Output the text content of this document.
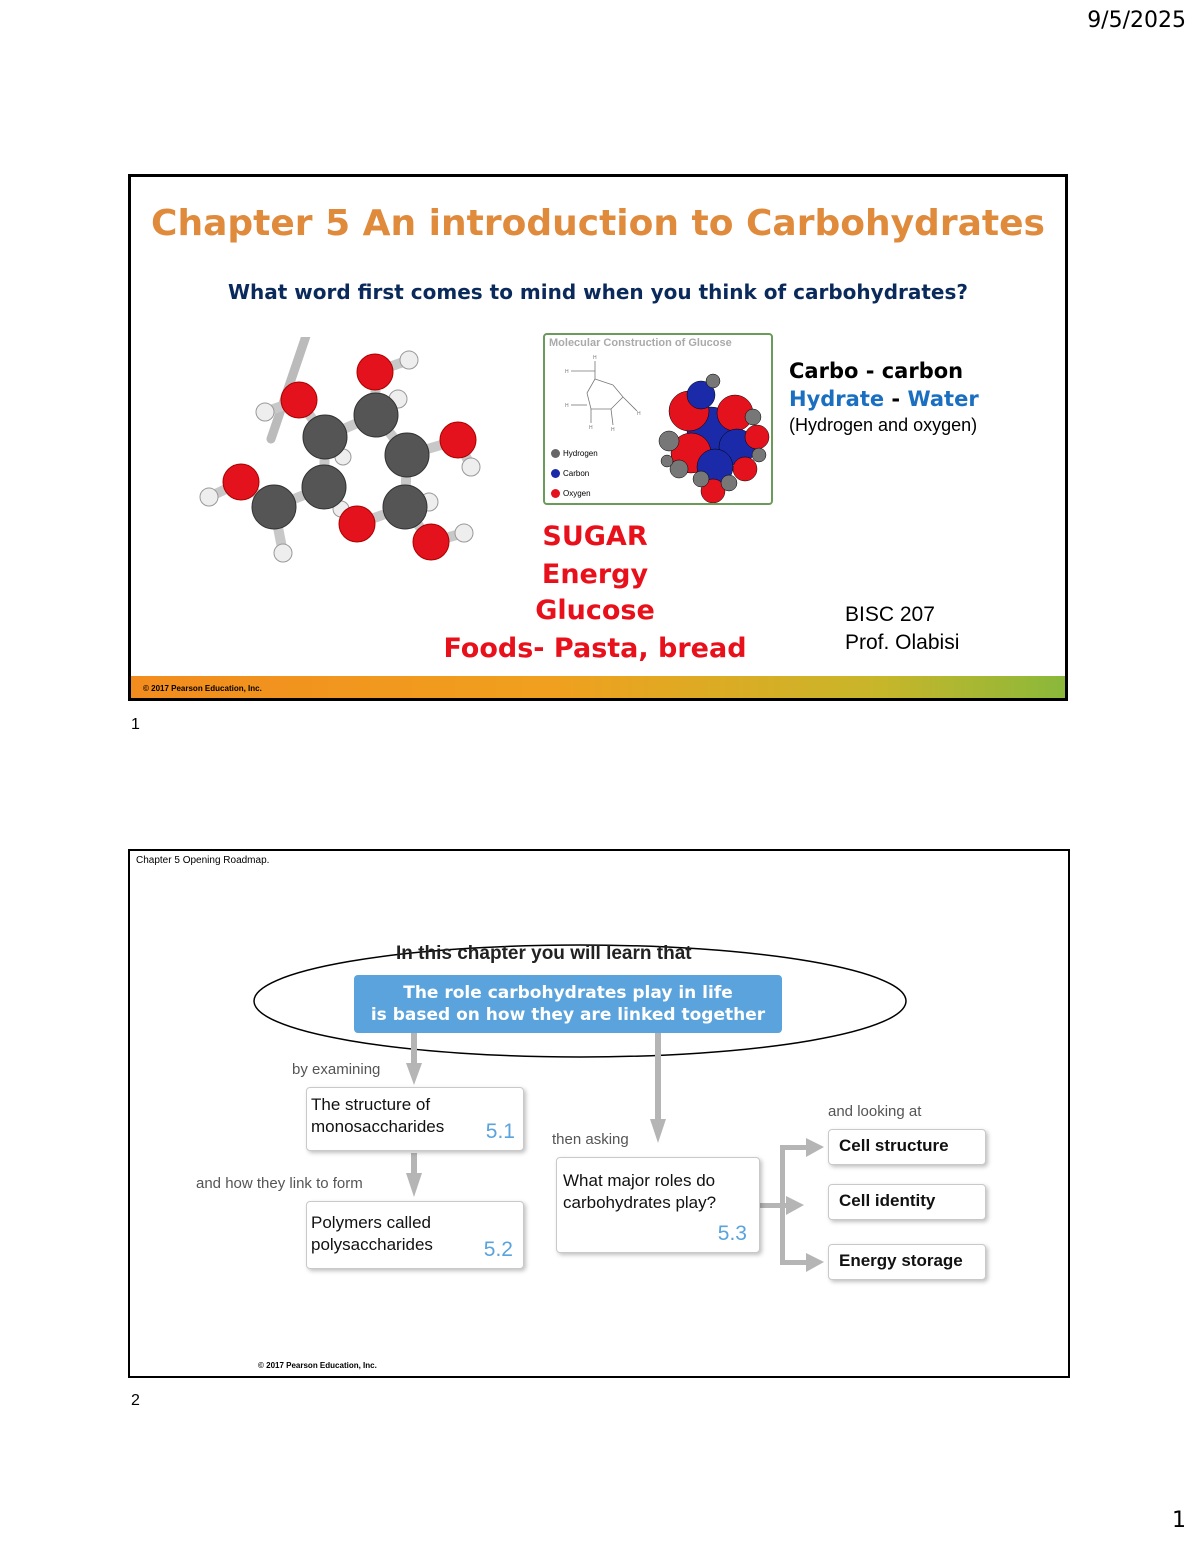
9/5/2025
Chapter 5 An introduction to Carbohydrates
What word first comes to mind when you think of carbohydrates?
Molecular Construction of Glucose
H
H
H
H
H	H
Hydrogen
Carbon
Oxygen
Carbo - carbon
Hydrate - Water
(Hydrogen and oxygen)
SUGAR
Energy
Glucose
Foods- Pasta, bread
BISC 207
Prof. Olabisi
© 2017 Pearson Education, Inc.
1
Chapter 5 Opening Roadmap.
In this chapter you will learn that
The role carbohydrates play in life
is based on how they are linked together
by examining
The structure of
monosaccharides 5.1
and how they link to form
Polymers called
polysaccharides 5.2
then asking
What major roles do
carbohydrates play?
5.3
and looking at
Cell structure
Cell identity
Energy storage
© 2017 Pearson Education, Inc.
2
1
